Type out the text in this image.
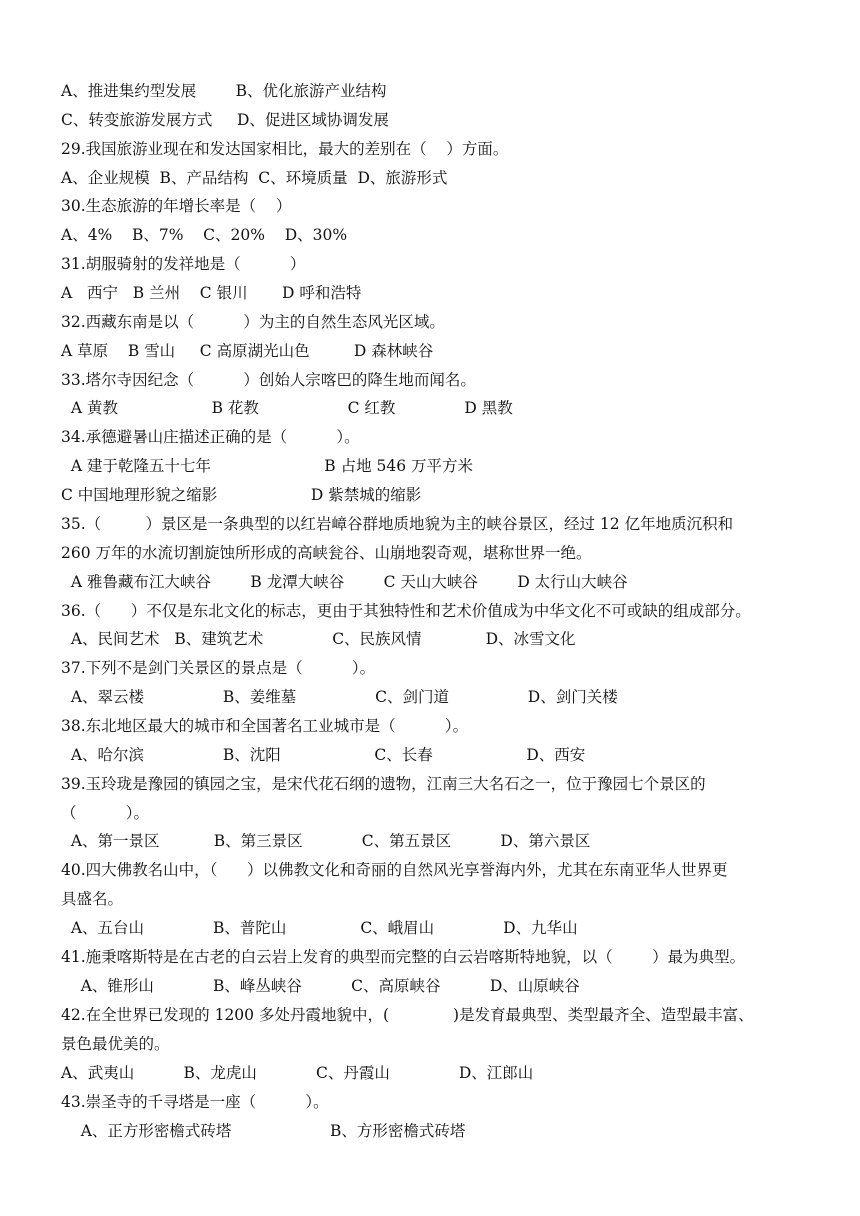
A、推进集约型发展        B、优化旅游产业结构
C、转变旅游发展方式     D、促进区域协调发展
29.我国旅游业现在和发达国家相比，最大的差别在（    ）方面。
A、企业规模  B、产品结构  C、环境质量  D、旅游形式
30.生态旅游的年增长率是（    ）
A、4%    B、7%    C、20%    D、30%
31.胡服骑射的发祥地是（          ）
A   西宁   B 兰州    C 银川       D 呼和浩特
32.西藏东南是以（          ）为主的自然生态风光区域。
A 草原    B 雪山     C 高原湖光山色         D 森林峡谷
33.塔尔寺因纪念（          ）创始人宗喀巴的降生地而闻名。
A 黄教                   B 花教                  C 红教              D 黑教
34.承德避暑山庄描述正确的是（          ）。
A 建于乾隆五十七年                       B 占地 546 万平方米
C 中国地理形貌之缩影                   D 紫禁城的缩影
35.（         ）景区是一条典型的以红岩嶂谷群地质地貌为主的峡谷景区，经过 12 亿年地质沉积和
260 万年的水流切割旋蚀所形成的高峡瓮谷、山崩地裂奇观，堪称世界一绝。
A 雅鲁藏布江大峡谷        B 龙潭大峡谷        C 天山大峡谷        D 太行山大峡谷
36.（      ）不仅是东北文化的标志，更由于其独特性和艺术价值成为中华文化不可或缺的组成部分。
A、民间艺术   B、建筑艺术              C、民族风情             D、冰雪文化
37.下列不是剑门关景区的景点是（          ）。
A、翠云楼                B、姜维墓                C、剑门道                D、剑门关楼
38.东北地区最大的城市和全国著名工业城市是（          ）。
A、哈尔滨                B、沈阳                   C、长春                   D、西安
39.玉玲珑是豫园的镇园之宝，是宋代花石纲的遗物，江南三大名石之一，位于豫园七个景区的
（          ）。
A、第一景区           B、第三景区            C、第五景区          D、第六景区
40.四大佛教名山中，（      ）以佛教文化和奇丽的自然风光享誉海内外，尤其在东南亚华人世界更
具盛名。
A、五台山              B、普陀山               C、峨眉山              D、九华山
41.施秉喀斯特是在古老的白云岩上发育的典型而完整的白云岩喀斯特地貌，以（        ）最为典型。
A、锥形山            B、峰丛峡谷          C、高原峡谷          D、山原峡谷
42.在全世界已发现的 1200 多处丹霞地貌中，(             )是发育最典型、类型最齐全、造型最丰富、
景色最优美的。
A、武夷山          B、龙虎山            C、丹霞山              D、江郎山
43.崇圣寺的千寻塔是一座（          ）。
A、正方形密檐式砖塔                    B、方形密檐式砖塔
